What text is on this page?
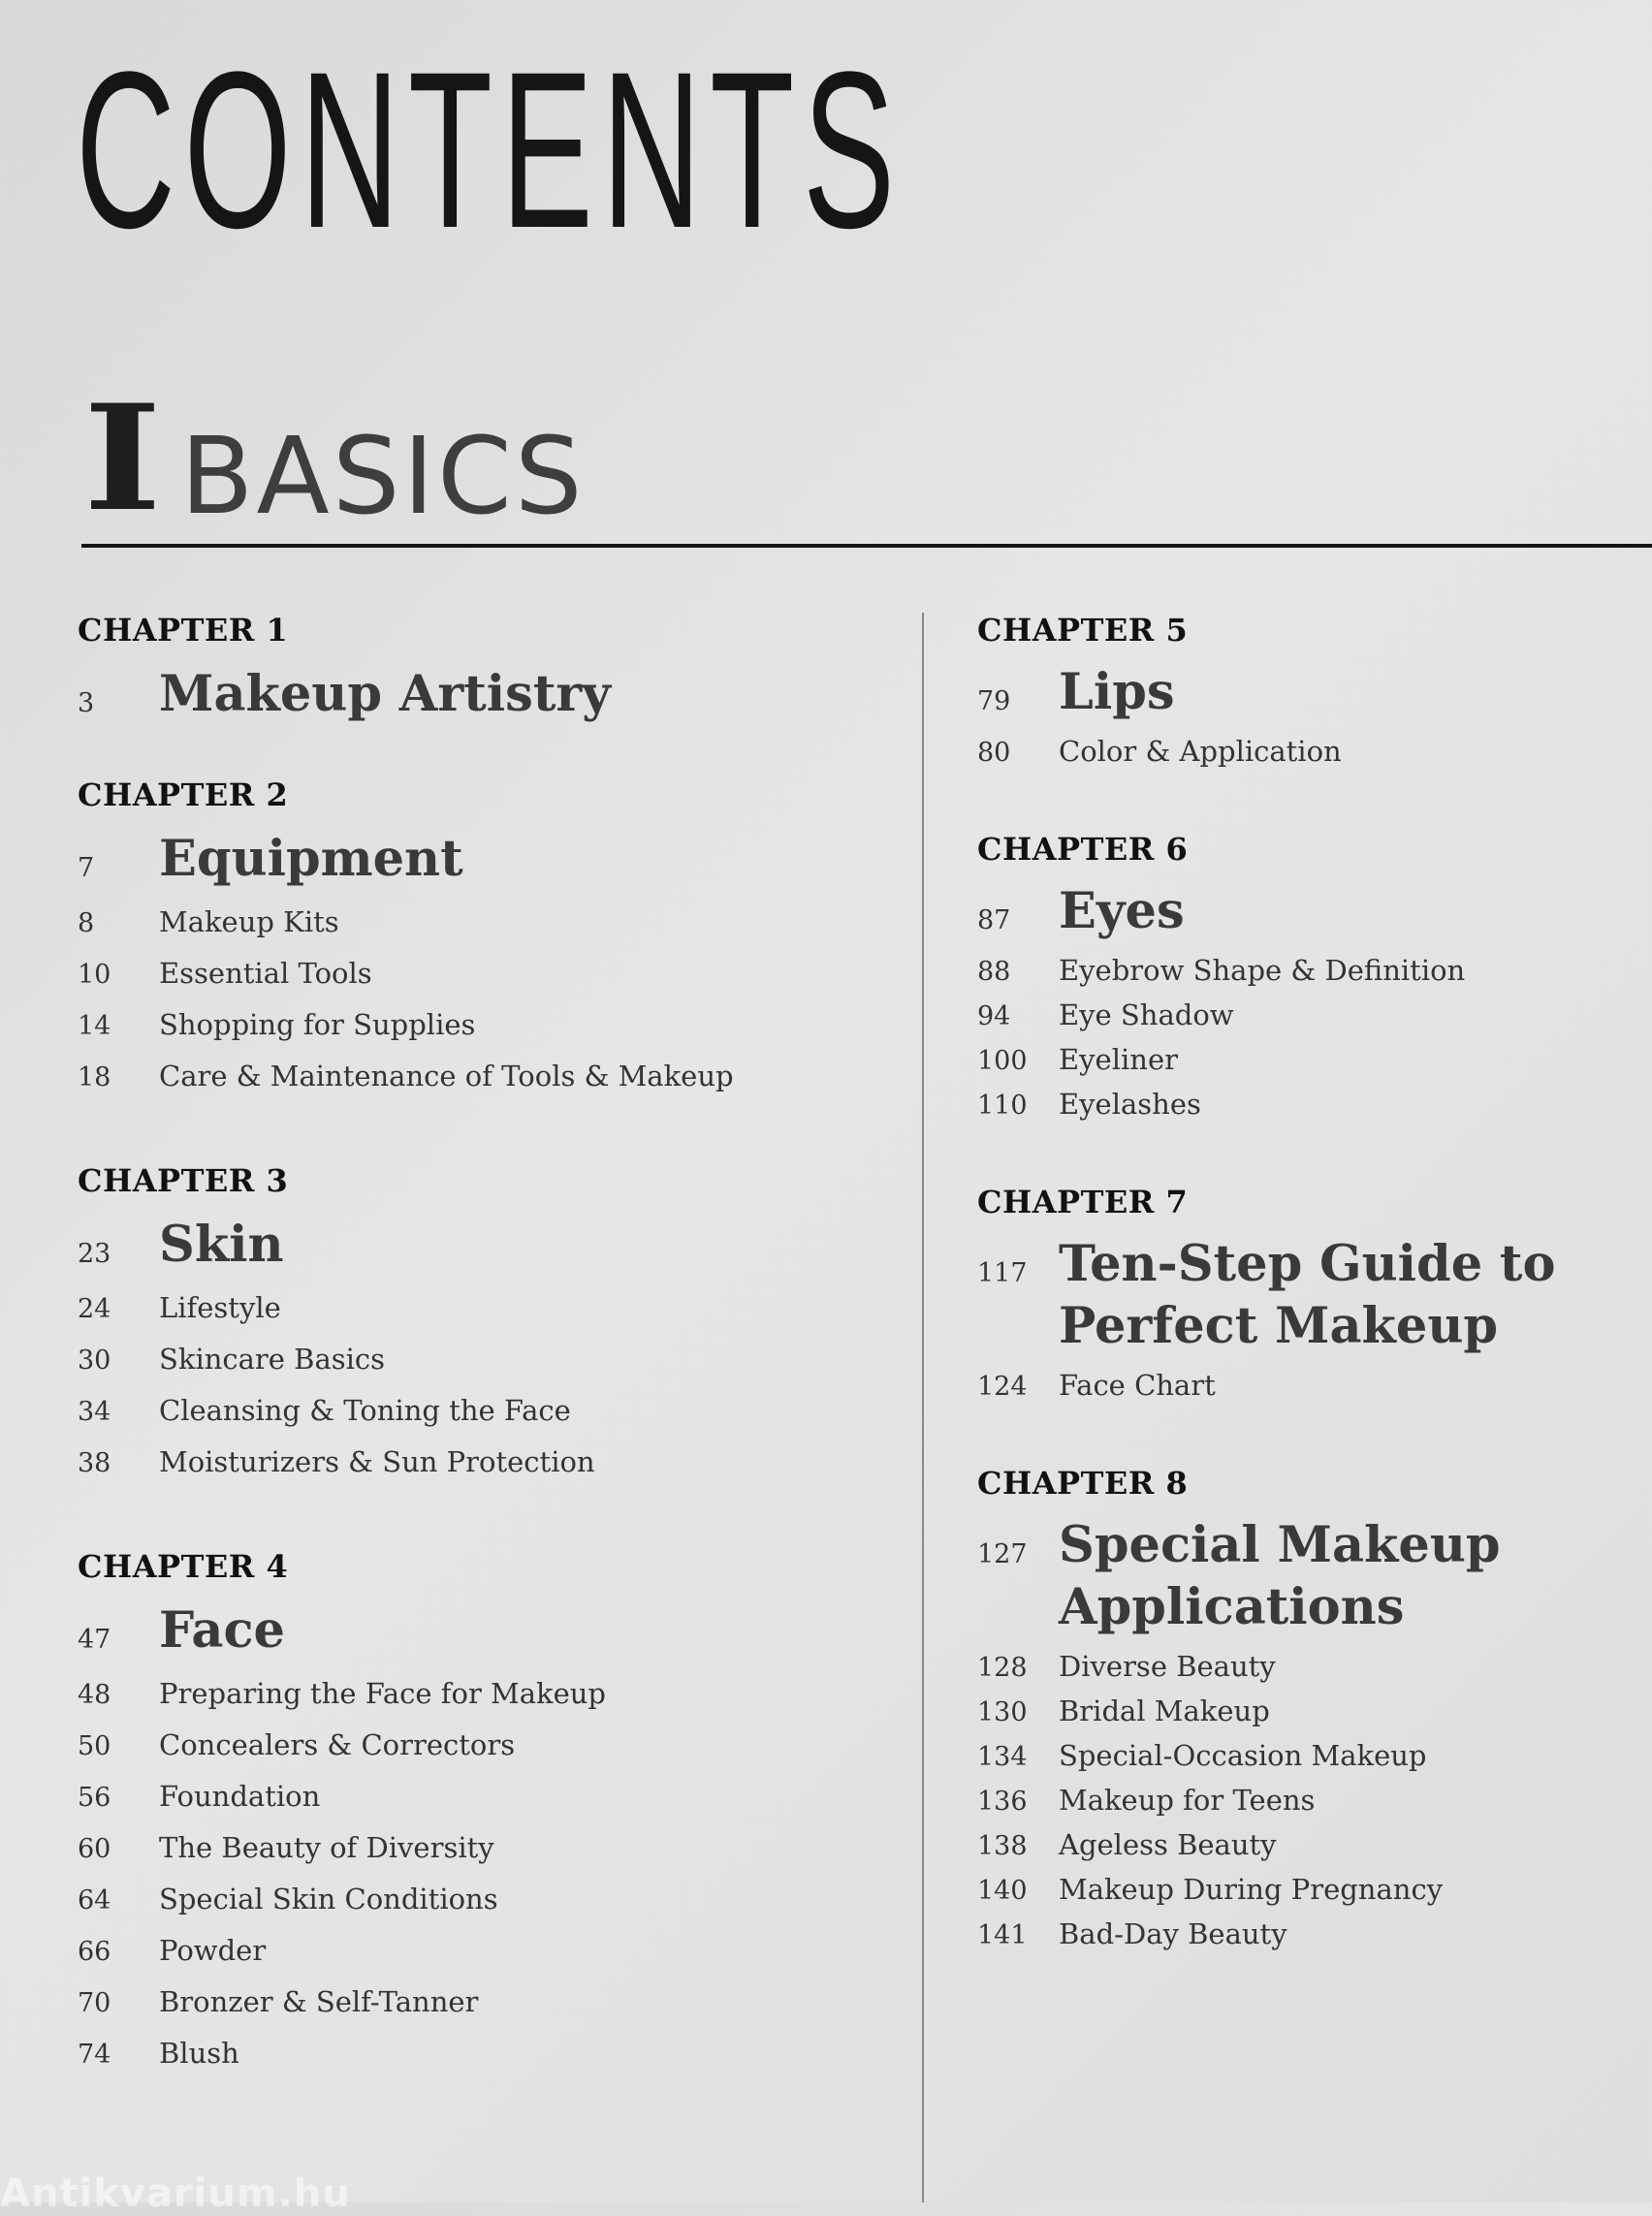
CONTENTS
I BASICS
CHAPTER 1
3	Makeup Artistry
CHAPTER 2
7	Equipment
8	Makeup Kits
10	Essential Tools
14	Shopping for Supplies
18	Care & Maintenance of Tools & Makeup
CHAPTER 3
23 Skin
24	Lifestyle
30	Skincare Basics
34	Cleansing & Toning the Face
38	Moisturizers & Sun Protection
CHAPTER 4
47 Face
48	Preparing the Face for Makeup
50	Concealers & Correctors
56	Foundation
60	The Beauty of Diversity
64	Special Skin Conditions
66	Powder
70	Bronzer & Self-Tanner
74	Blush
CHAPTER 5
79 Lips
80	Color & Application
CHAPTER 6
87 Eyes
88	Eyebrow Shape & Definition
94	Eye Shadow
100	Eyeliner
110	Eyelashes
CHAPTER 7
117 Ten-Step Guide to
Perfect Makeup
124	Face Chart
CHAPTER 8
127 Special Makeup
Applications
128	Diverse Beauty
130	Bridal Makeup
134	Special-Occasion Makeup
136	Makeup for Teens
138	Ageless Beauty
140	Makeup During Pregnancy
141	Bad-Day Beauty
Antikvarium.hu
